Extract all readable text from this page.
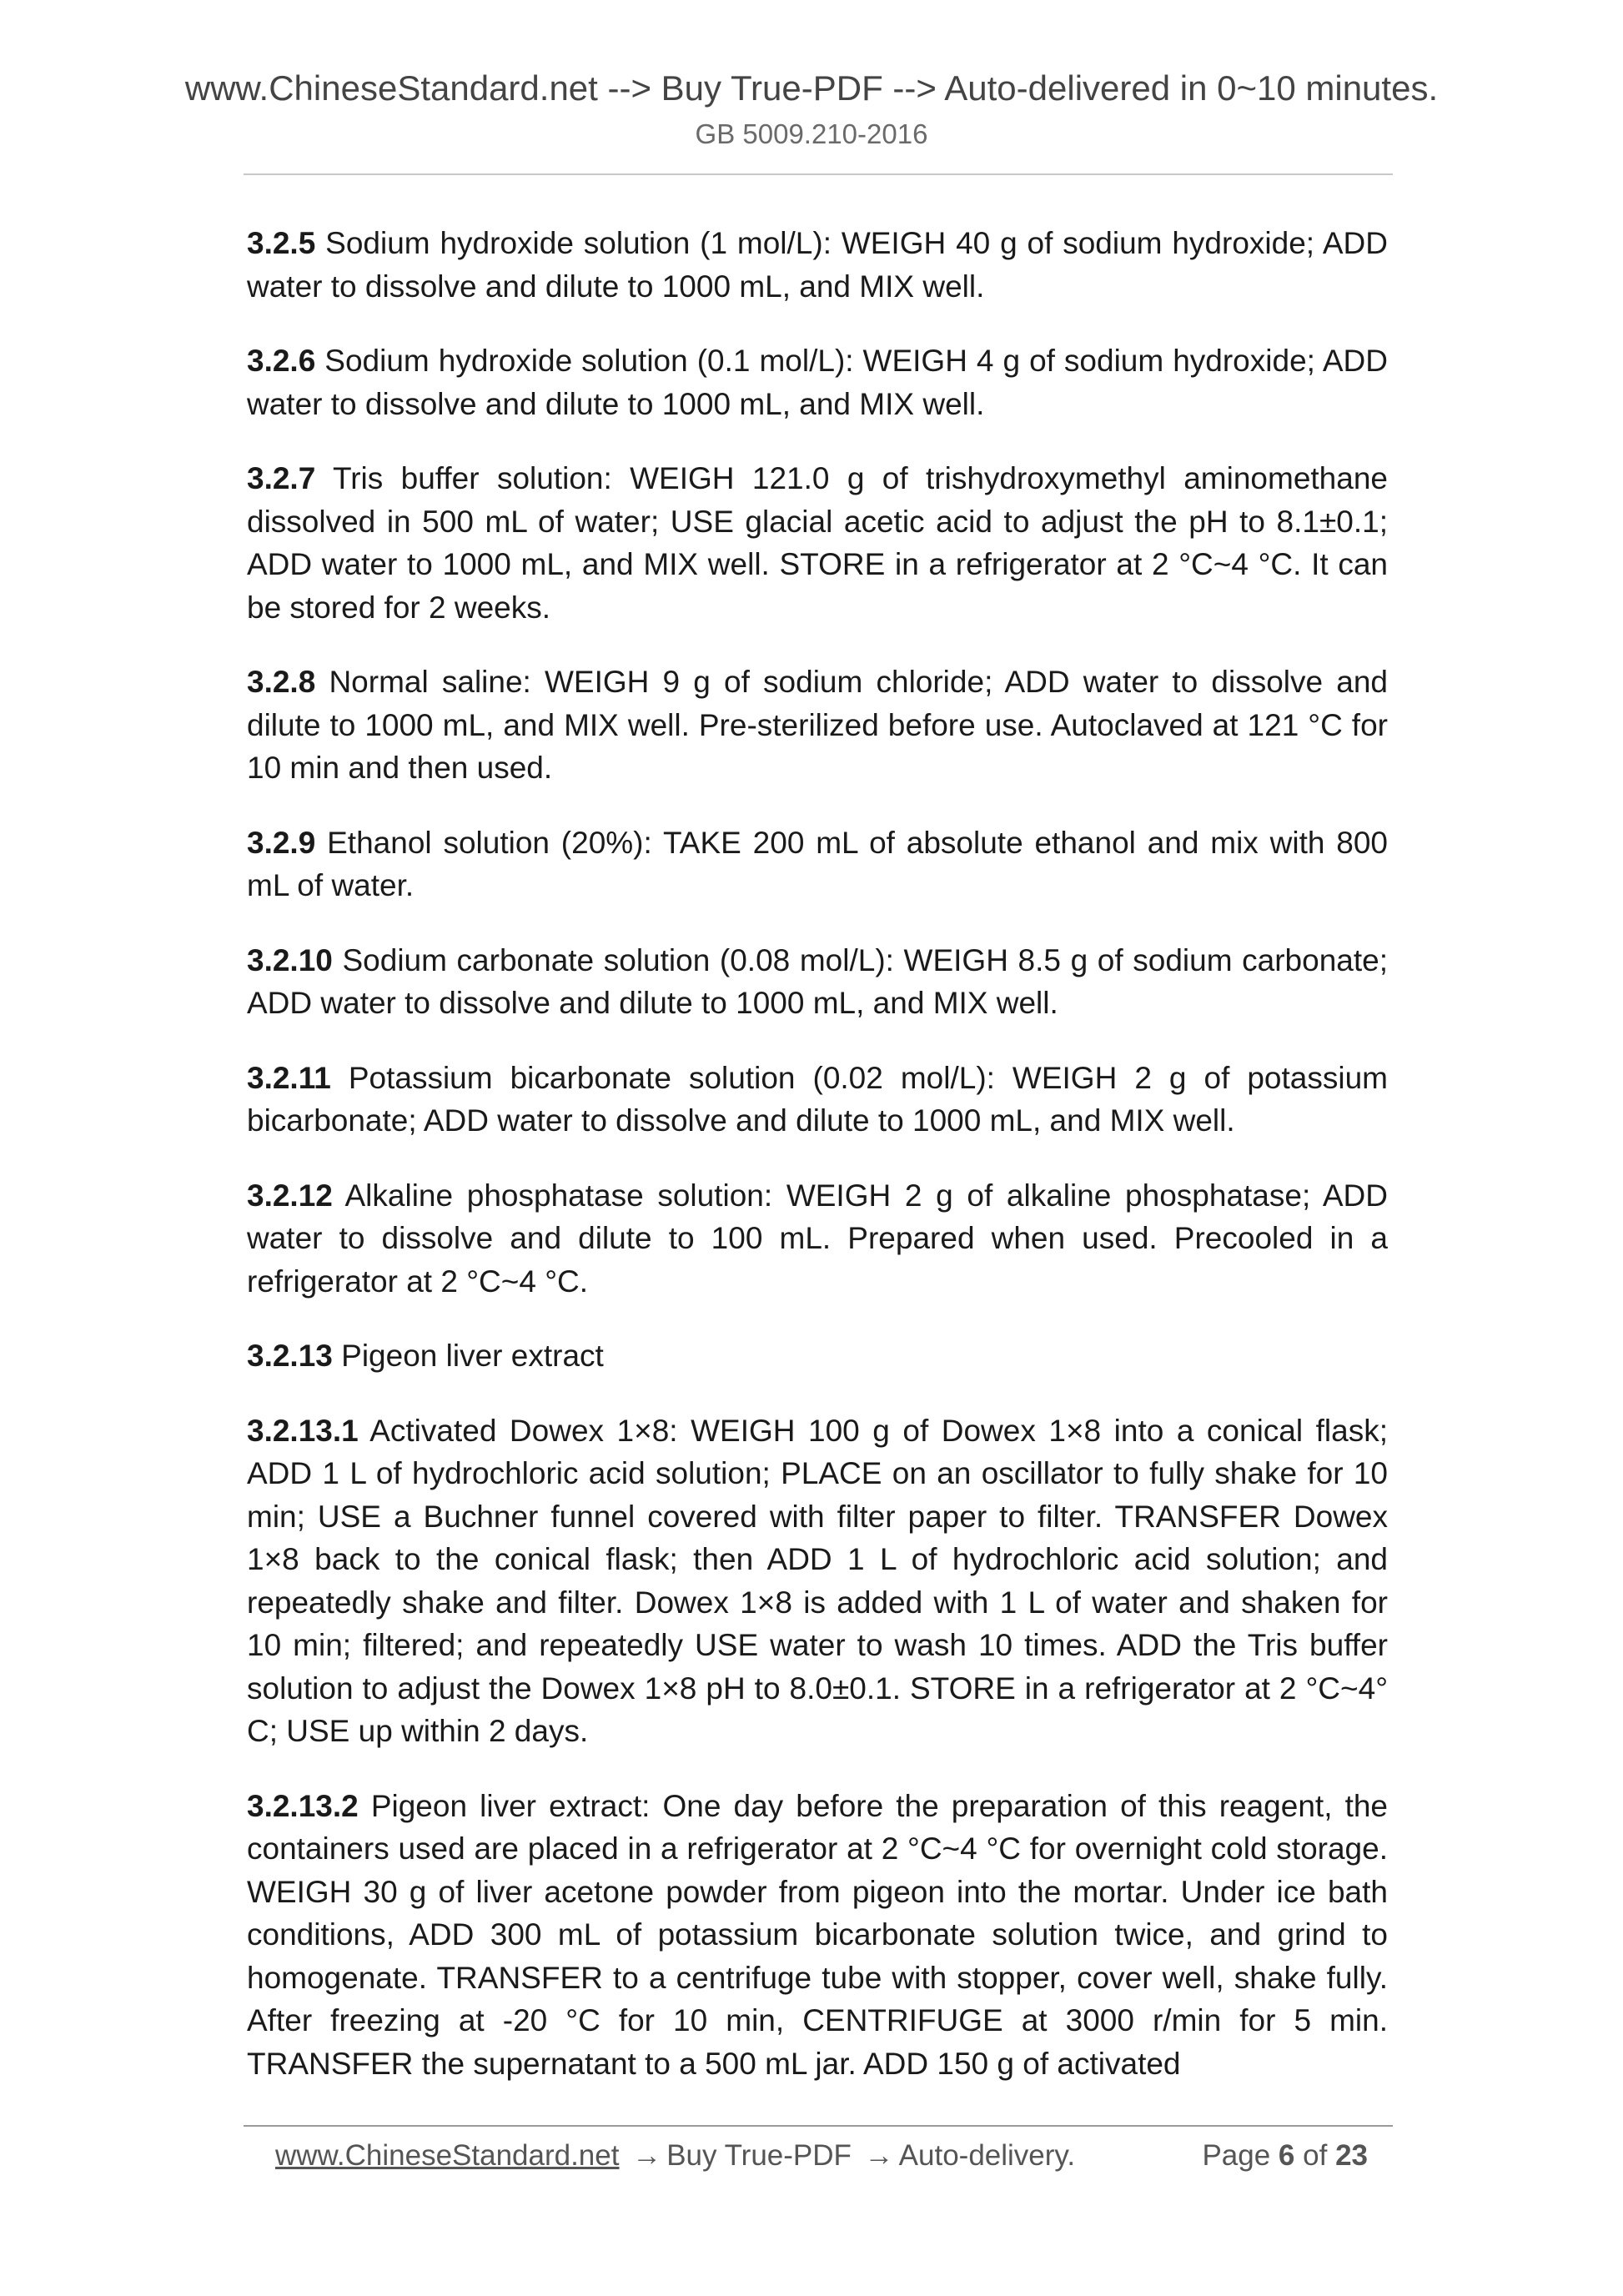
www.ChineseStandard.net --> Buy True-PDF --> Auto-delivered in 0~10 minutes.
GB 5009.210-2016

3.2.5 Sodium hydroxide solution (1 mol/L): WEIGH 40 g of sodium hydroxide; ADD water to dissolve and dilute to 1000 mL, and MIX well.

3.2.6 Sodium hydroxide solution (0.1 mol/L): WEIGH 4 g of sodium hydroxide; ADD water to dissolve and dilute to 1000 mL, and MIX well.

3.2.7 Tris buffer solution: WEIGH 121.0 g of trishydroxymethyl aminomethane dissolved in 500 mL of water; USE glacial acetic acid to adjust the pH to 8.1±0.1; ADD water to 1000 mL, and MIX well. STORE in a refrigerator at 2 °C~4 °C. It can be stored for 2 weeks.

3.2.8 Normal saline: WEIGH 9 g of sodium chloride; ADD water to dissolve and dilute to 1000 mL, and MIX well. Pre-sterilized before use. Autoclaved at 121 °C for 10 min and then used.

3.2.9 Ethanol solution (20%): TAKE 200 mL of absolute ethanol and mix with 800 mL of water.

3.2.10 Sodium carbonate solution (0.08 mol/L): WEIGH 8.5 g of sodium carbonate; ADD water to dissolve and dilute to 1000 mL, and MIX well.

3.2.11 Potassium bicarbonate solution (0.02 mol/L): WEIGH 2 g of potassium bicarbonate; ADD water to dissolve and dilute to 1000 mL, and MIX well.

3.2.12 Alkaline phosphatase solution: WEIGH 2 g of alkaline phosphatase; ADD water to dissolve and dilute to 100 mL. Prepared when used. Precooled in a refrigerator at 2 °C~4 °C.

3.2.13 Pigeon liver extract

3.2.13.1 Activated Dowex 1×8: WEIGH 100 g of Dowex 1×8 into a conical flask; ADD 1 L of hydrochloric acid solution; PLACE on an oscillator to fully shake for 10 min; USE a Buchner funnel covered with filter paper to filter. TRANSFER Dowex 1×8 back to the conical flask; then ADD 1 L of hydrochloric acid solution; and repeatedly shake and filter. Dowex 1×8 is added with 1 L of water and shaken for 10 min; filtered; and repeatedly USE water to wash 10 times. ADD the Tris buffer solution to adjust the Dowex 1×8 pH to 8.0±0.1. STORE in a refrigerator at 2 °C~4° C; USE up within 2 days.

3.2.13.2 Pigeon liver extract: One day before the preparation of this reagent, the containers used are placed in a refrigerator at 2 °C~4 °C for overnight cold storage. WEIGH 30 g of liver acetone powder from pigeon into the mortar. Under ice bath conditions, ADD 300 mL of potassium bicarbonate solution twice, and grind to homogenate. TRANSFER to a centrifuge tube with stopper, cover well, shake fully. After freezing at -20 °C for 10 min, CENTRIFUGE at 3000 r/min for 5 min. TRANSFER the supernatant to a 500 mL jar. ADD 150 g of activated

www.ChineseStandard.net → Buy True-PDF → Auto-delivery.	Page 6 of 23
